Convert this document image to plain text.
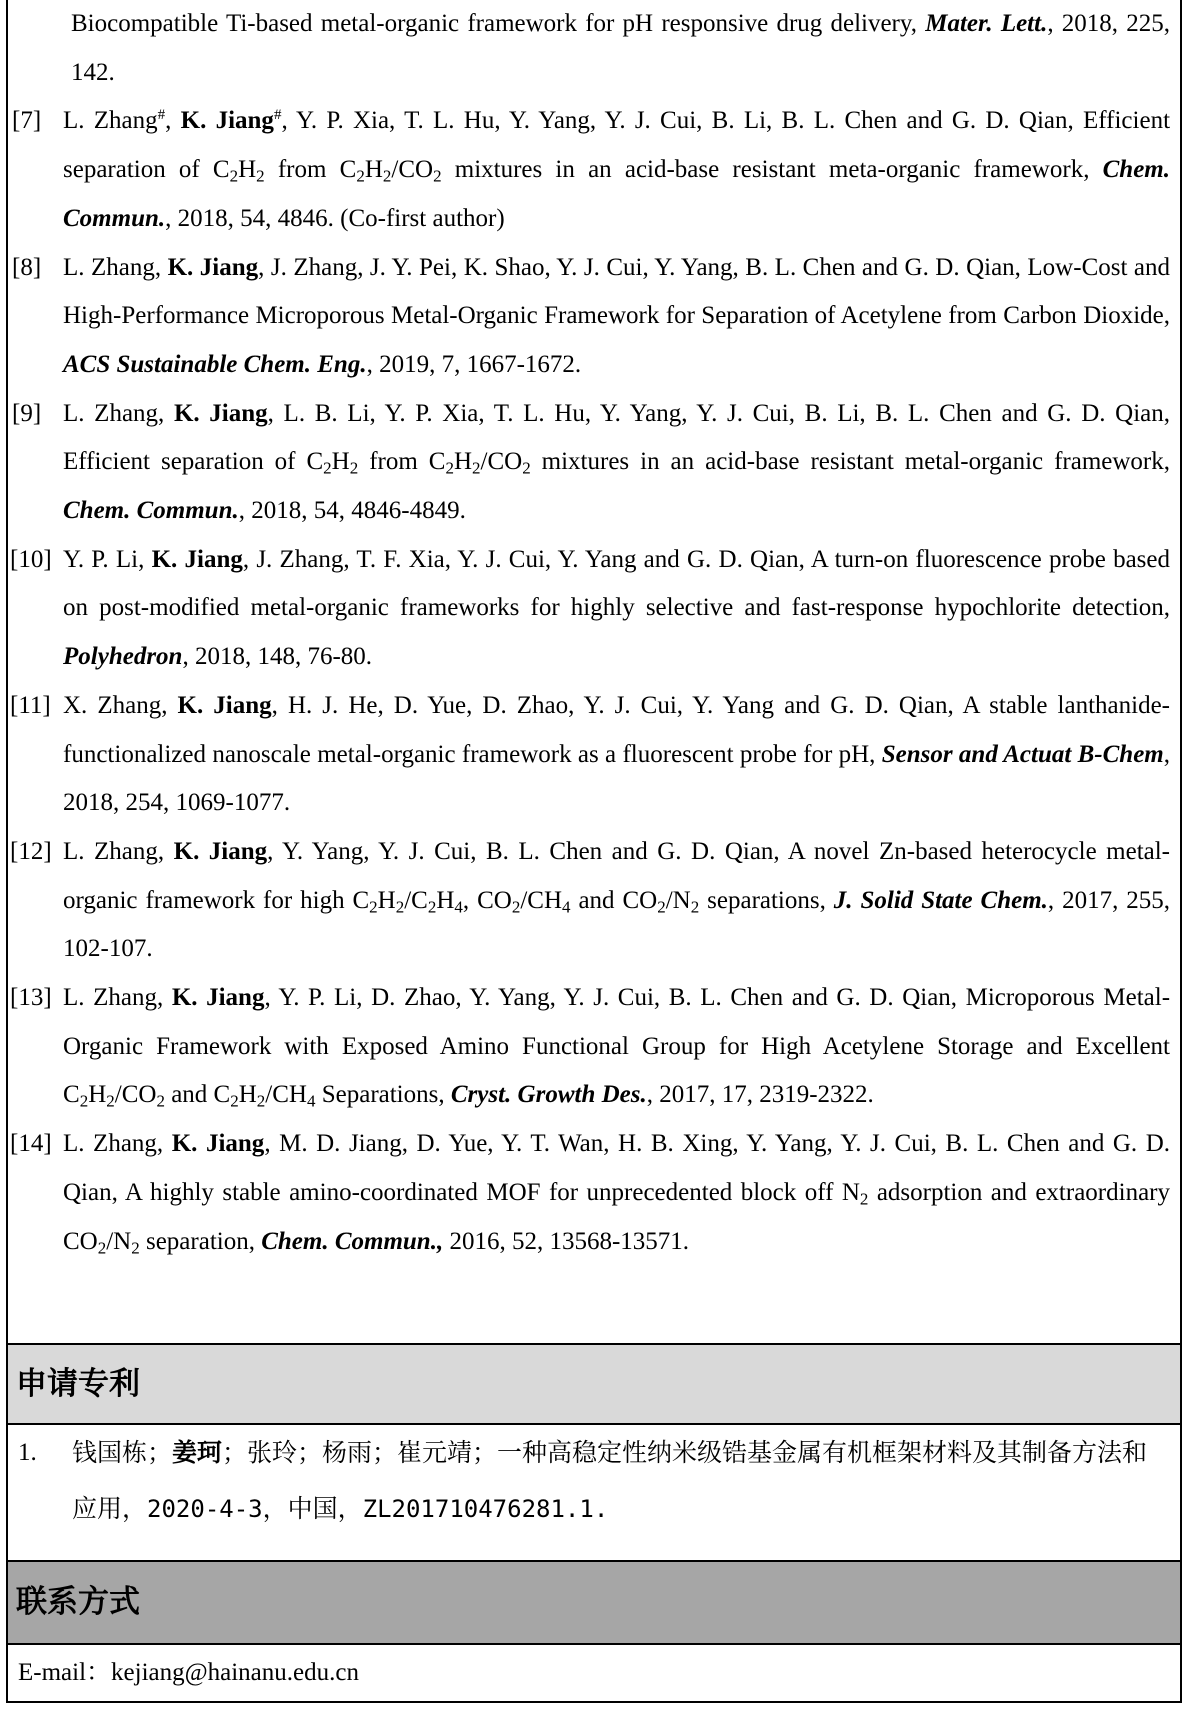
Biocompatible Ti-based metal-organic framework for pH responsive drug delivery, Mater. Lett., 2018, 225, 142.
[7] L. Zhang#, K. Jiang#, Y. P. Xia, T. L. Hu, Y. Yang, Y. J. Cui, B. Li, B. L. Chen and G. D. Qian, Efficient separation of $C_2H_2$ from $C_2H_2/CO_2$ mixtures in an acid-base resistant meta-organic framework, Chem. Commun., 2018, 54, 4846. (Co-first author)
[8] L. Zhang, K. Jiang, J. Zhang, J. Y. Pei, K. Shao, Y. J. Cui, Y. Yang, B. L. Chen and G. D. Qian, Low-Cost and High-Performance Microporous Metal-Organic Framework for Separation of Acetylene from Carbon Dioxide, ACS Sustainable Chem. Eng., 2019, 7, 1667-1672.
[9] L. Zhang, K. Jiang, L. B. Li, Y. P. Xia, T. L. Hu, Y. Yang, Y. J. Cui, B. Li, B. L. Chen and G. D. Qian, Efficient separation of $C_2H_2$ from $C_2H_2/CO_2$ mixtures in an acid-base resistant metal-organic framework, Chem. Commun., 2018, 54, 4846-4849.
[10] Y. P. Li, K. Jiang, J. Zhang, T. F. Xia, Y. J. Cui, Y. Yang and G. D. Qian, A turn-on fluorescence probe based on post-modified metal-organic frameworks for highly selective and fast-response hypochlorite detection, Polyhedron, 2018, 148, 76-80.
[11] X. Zhang, K. Jiang, H. J. He, D. Yue, D. Zhao, Y. J. Cui, Y. Yang and G. D. Qian, A stable lanthanide-functionalized nanoscale metal-organic framework as a fluorescent probe for pH, Sensor and Actuat B-Chem, 2018, 254, 1069-1077.
[12] L. Zhang, K. Jiang, Y. Yang, Y. J. Cui, B. L. Chen and G. D. Qian, A novel Zn-based heterocycle metal-organic framework for high $C_2H_2/C_2H_4$, $CO_2/CH_4$ and $CO_2/N_2$ separations, J. Solid State Chem., 2017, 255, 102-107.
[13] L. Zhang, K. Jiang, Y. P. Li, D. Zhao, Y. Yang, Y. J. Cui, B. L. Chen and G. D. Qian, Microporous Metal-Organic Framework with Exposed Amino Functional Group for High Acetylene Storage and Excellent $C_2H_2/CO_2$ and $C_2H_2/CH_4$ Separations, Cryst. Growth Des., 2017, 17, 2319-2322.
[14] L. Zhang, K. Jiang, M. D. Jiang, D. Yue, Y. T. Wan, H. B. Xing, Y. Yang, Y. J. Cui, B. L. Chen and G. D. Qian, A highly stable amino-coordinated MOF for unprecedented block off $N_2$ adsorption and extraordinary $CO_2/N_2$ separation, Chem. Commun., 2016, 52, 13568-13571.
申请专利
1. 钱国栋；姜珂；张玲；杨雨；崔元靖；一种高稳定性纳米级锆基金属有机框架材料及其制备方法和应用，2020-4-3，中国，ZL201710476281.1.
联系方式
E-mail：kejiang@hainanu.edu.cn
